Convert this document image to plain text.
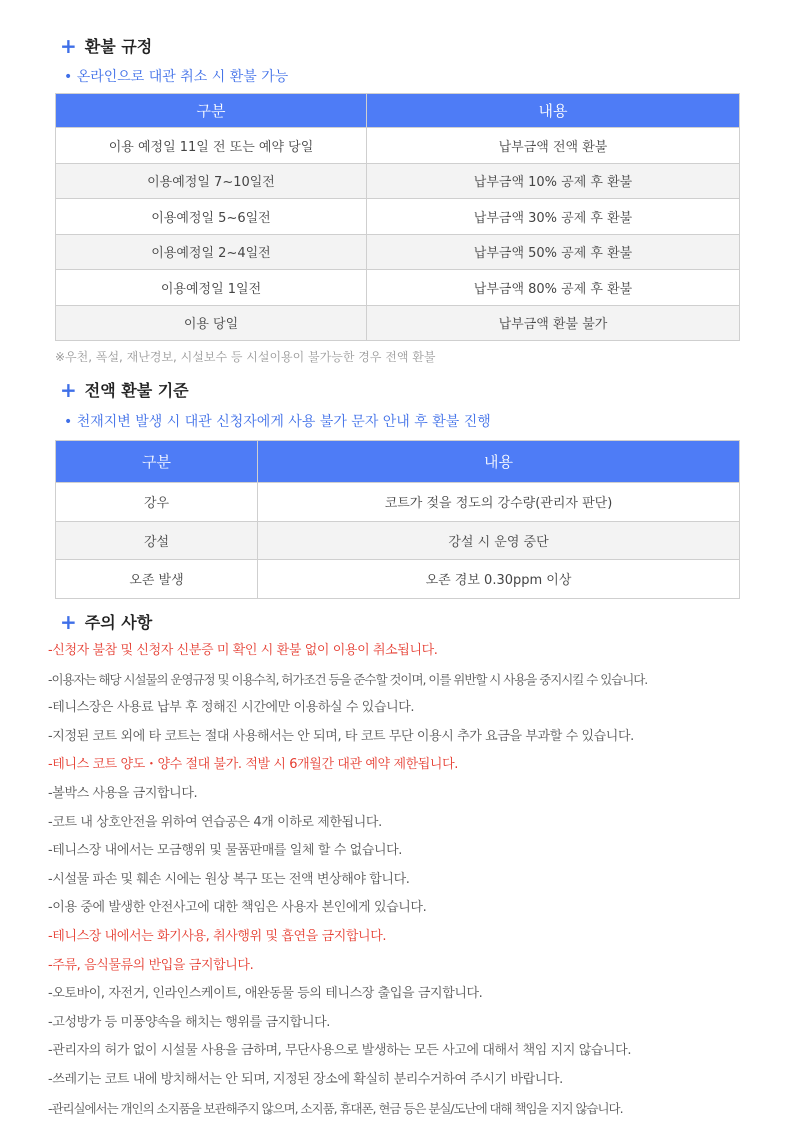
+ 환불 규정
• 온라인으로 대관 취소 시 환불 가능
구분	내용
이용 예정일 11일 전 또는 예약 당일	납부금액 전액 환불
이용예정일 7~10일전	납부금액 10% 공제 후 환불
이용예정일 5~6일전	납부금액 30% 공제 후 환불
이용예정일 2~4일전	납부금액 50% 공제 후 환불
이용예정일 1일전	납부금액 80% 공제 후 환불
이용 당일	납부금액 환불 불가
※우천, 폭설, 재난경보, 시설보수 등 시설이용이 불가능한 경우 전액 환불
+ 전액 환불 기준
• 천재지변 발생 시 대관 신청자에게 사용 불가 문자 안내 후 환불 진행
구분	내용
강우	코트가 젖을 정도의 강수량(관리자 판단)
강설	강설 시 운영 중단
오존 발생	오존 경보 0.30ppm 이상
+ 주의 사항
-신청자 불참 및 신청자 신분증 미 확인 시 환불 없이 이용이 취소됩니다.
-이용자는 해당 시설물의 운영규정 및 이용수칙, 허가조건 등을 준수할 것이며, 이를 위반할 시 사용을 중지시킬 수 있습니다.
-테니스장은 사용료 납부 후 정해진 시간에만 이용하실 수 있습니다.
-지정된 코트 외에 타 코트는 절대 사용해서는 안 되며, 타 코트 무단 이용시 추가 요금을 부과할 수 있습니다.
-테니스 코트 양도・양수 절대 불가. 적발 시 6개월간 대관 예약 제한됩니다.
-볼박스 사용을 금지합니다.
-코트 내 상호안전을 위하여 연습공은 4개 이하로 제한됩니다.
-테니스장 내에서는 모금행위 및 물품판매를 일체 할 수 없습니다.
-시설물 파손 및 훼손 시에는 원상 복구 또는 전액 변상해야 합니다.
-이용 중에 발생한 안전사고에 대한 책임은 사용자 본인에게 있습니다.
-테니스장 내에서는 화기사용, 취사행위 및 흡연을 금지합니다.
-주류, 음식물류의 반입을 금지합니다.
-오토바이, 자전거, 인라인스케이트, 애완동물 등의 테니스장 출입을 금지합니다.
-고성방가 등 미풍양속을 해치는 행위를 금지합니다.
-관리자의 허가 없이 시설물 사용을 금하며, 무단사용으로 발생하는 모든 사고에 대해서 책임 지지 않습니다.
-쓰레기는 코트 내에 방치해서는 안 되며, 지정된 장소에 확실히 분리수거하여 주시기 바랍니다.
-관리실에서는 개인의 소지품을 보관해주지 않으며, 소지품, 휴대폰, 현금 등은 분실/도난에 대해 책임을 지지 않습니다.
